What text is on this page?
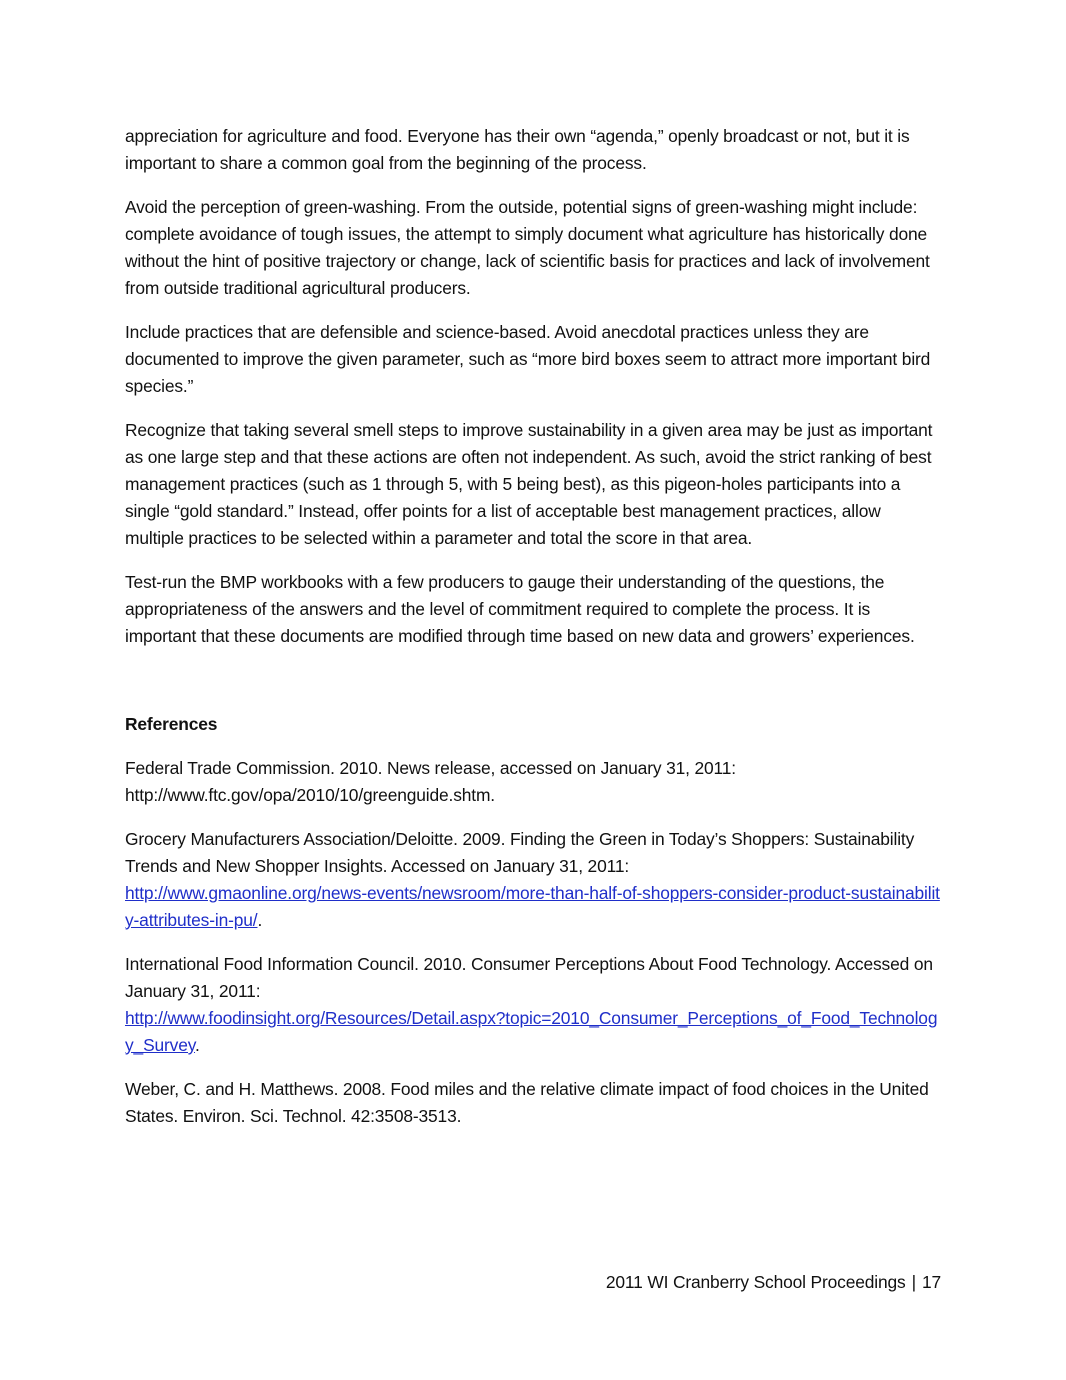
appreciation for agriculture and food. Everyone has their own “agenda,” openly broadcast or not, but it is important to share a common goal from the beginning of the process.

Avoid the perception of green-washing. From the outside, potential signs of green-washing might include: complete avoidance of tough issues, the attempt to simply document what agriculture has historically done without the hint of positive trajectory or change, lack of scientific basis for practices and lack of involvement from outside traditional agricultural producers.

Include practices that are defensible and science-based. Avoid anecdotal practices unless they are documented to improve the given parameter, such as “more bird boxes seem to attract more important bird species.”

Recognize that taking several smell steps to improve sustainability in a given area may be just as important as one large step and that these actions are often not independent. As such, avoid the strict ranking of best management practices (such as 1 through 5, with 5 being best), as this pigeon-holes participants into a single “gold standard.” Instead, offer points for a list of acceptable best management practices, allow multiple practices to be selected within a parameter and total the score in that area.

Test-run the BMP workbooks with a few producers to gauge their understanding of the questions, the appropriateness of the answers and the level of commitment required to complete the process. It is important that these documents are modified through time based on new data and growers’ experiences.

References

Federal Trade Commission. 2010. News release, accessed on January 31, 2011:
http://www.ftc.gov/opa/2010/10/greenguide.shtm.

Grocery Manufacturers Association/Deloitte. 2009. Finding the Green in Today’s Shoppers: Sustainability Trends and New Shopper Insights. Accessed on January 31, 2011:
http://www.gmaonline.org/news-events/newsroom/more-than-half-of-shoppers-consider-product-sustainability-attributes-in-pu/.

International Food Information Council. 2010. Consumer Perceptions About Food Technology. Accessed on January 31, 2011:
http://www.foodinsight.org/Resources/Detail.aspx?topic=2010_Consumer_Perceptions_of_Food_Technology_Survey.

Weber, C. and H. Matthews. 2008. Food miles and the relative climate impact of food choices in the United States. Environ. Sci. Technol. 42:3508-3513.

2011 WI Cranberry School Proceedings | 17
